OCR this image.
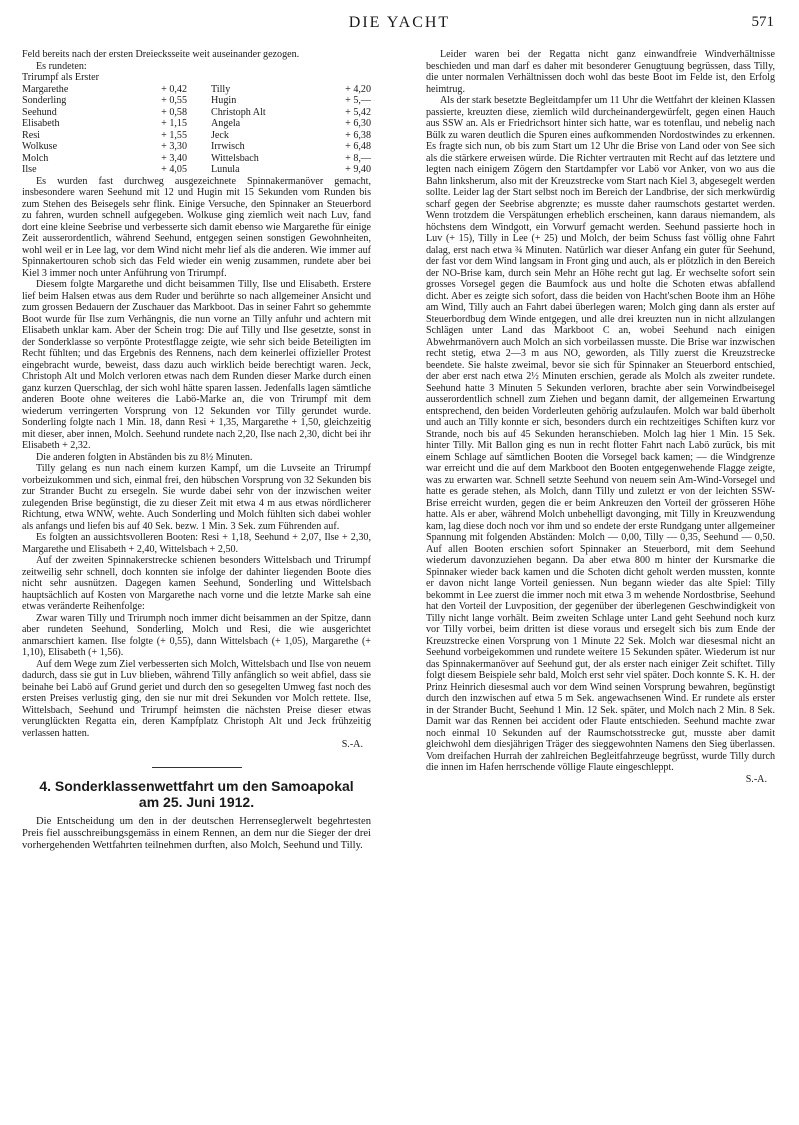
DIE YACHT	571

Feld bereits nach der ersten Dreiecksseite weit auseinander gezogen.

Es rundeten:

Trirumpf als Erster

Margarethe	+ 0,42	Tilly	+ 4,20
Sonderling	+ 0,55	Hugin	+ 5,—
Seehund	+ 0,58	Christoph Alt	+ 5,42
Elisabeth	+ 1,15	Angela	+ 6,30
Resi	+ 1,55	Jeck	+ 6,38
Wolkuse	+ 3,30	Irrwisch	+ 6,48
Molch	+ 3,40	Wittelsbach	+ 8,—
Ilse	+ 4,05	Lunula	+ 9,40

Es wurden fast durchweg ausgezeichnete Spinnakermanöver gemacht, insbesondere waren Seehund mit 12 und Hugin mit 15 Sekunden vom Runden bis zum Stehen des Beisegels sehr flink. Einige Versuche, den Spinnaker an Steuerbord zu fahren, wurden schnell aufgegeben. Wolkuse ging ziemlich weit nach Luv, fand dort eine kleine Seebrise und verbesserte sich damit ebenso wie Margarethe für einige Zeit ausserordentlich, während Seehund, entgegen seinen sonstigen Gewohnheiten, wohl weil er in Lee lag, vor dem Wind nicht mehr lief als die anderen. Wie immer auf Spinnakertouren schob sich das Feld wieder ein wenig zusammen, rundete aber bei Kiel 3 immer noch unter Anführung von Trirumpf.

Diesem folgte Margarethe und dicht beisammen Tilly, Ilse und Elisabeth. Erstere lief beim Halsen etwas aus dem Ruder und berührte so nach allgemeiner Ansicht und zum grossen Bedauern der Zuschauer das Markboot. Das in seiner Fahrt so gehemmte Boot wurde für Ilse zum Verhängnis, die nun vorne an Tilly anfuhr und achtern mit Elisabeth unklar kam. Aber der Schein trog: Die auf Tilly und Ilse gesetzte, sonst in der Sonderklasse so verpönte Protestflagge zeigte, wie sehr sich beide Beteiligten im Recht fühlten; und das Ergebnis des Rennens, nach dem keinerlei offizieller Protest eingebracht wurde, beweist, dass dazu auch wirklich beide berechtigt waren. Jeck, Christoph Alt und Molch verloren etwas nach dem Runden dieser Marke durch einen ganz kurzen Querschlag, der sich wohl hätte sparen lassen. Jedenfalls lagen sämtliche anderen Boote ohne weiteres die Labö-Marke an, die von Trirumpf mit dem wiederum verringerten Vorsprung von 12 Sekunden vor Tilly gerundet wurde. Sonderling folgte nach 1 Min. 18, dann Resi + 1,35, Margarethe + 1,50, gleichzeitig mit dieser, aber innen, Molch. Seehund rundete nach 2,20, Ilse nach 2,30, dicht bei ihr Elisabeth + 2,32.

Die anderen folgten in Abständen bis zu 8½ Minuten.

Tilly gelang es nun nach einem kurzen Kampf, um die Luvseite an Trirumpf vorbeizukommen und sich, einmal frei, den hübschen Vorsprung von 32 Sekunden bis zur Strander Bucht zu ersegeln. Sie wurde dabei sehr von der inzwischen weiter zulegenden Brise begünstigt, die zu dieser Zeit mit etwa 4 m aus etwas nördlicherer Richtung, etwa WNW, wehte. Auch Sonderling und Molch fühlten sich dabei wohler als anfangs und liefen bis auf 40 Sek. bezw. 1 Min. 3 Sek. zum Führenden auf.

Es folgten an aussichtsvolleren Booten: Resi + 1,18, Seehund + 2,07, Ilse + 2,30, Margarethe und Elisabeth + 2,40, Wittelsbach + 2,50.

Auf der zweiten Spinnakerstrecke schienen besonders Wittelsbach und Trirumpf zeitweilig sehr schnell, doch konnten sie infolge der dahinter liegenden Boote dies nicht sehr ausnützen. Dagegen kamen Seehund, Sonderling und Wittelsbach hauptsächlich auf Kosten von Margarethe nach vorne und die letzte Marke sah eine etwas veränderte Reihenfolge:

Zwar waren Tilly und Trirumph noch immer dicht beisammen an der Spitze, dann aber rundeten Seehund, Sonderling, Molch und Resi, die wie ausgerichtet anmarschiert kamen. Ilse folgte (+ 0,55), dann Wittelsbach (+ 1,05), Margarethe (+ 1,10), Elisabeth (+ 1,56).

Auf dem Wege zum Ziel verbesserten sich Molch, Wittelsbach und Ilse von neuem dadurch, dass sie gut in Luv blieben, während Tilly anfänglich so weit abfiel, dass sie beinahe bei Labö auf Grund geriet und durch den so gesegelten Umweg fast noch des ersten Preises verlustig ging, den sie nur mit drei Sekunden vor Molch rettete. Ilse, Wittelsbach, Seehund und Trirumpf heimsten die nächsten Preise dieser etwas verunglückten Regatta ein, deren Kampfplatz Christoph Alt und Jeck frühzeitig verlassen hatten.

S.-A.
4. Sonderklassenwettfahrt um den Samoapokal
am 25. Juni 1912.

Die Entscheidung um den in der deutschen Herrenseglerwelt begehrtesten Preis fiel ausschreibungsgemäss in einem Rennen, an dem nur die Sieger der drei vorhergehenden Wettfahrten teilnehmen durften, also Molch, Seehund und Tilly.

Leider waren bei der Regatta nicht ganz einwandfreie Windverhältnisse beschieden und man darf es daher mit besonderer Genugtuung begrüssen, dass Tilly, die unter normalen Verhältnissen doch wohl das beste Boot im Felde ist, den Erfolg heimtrug.

Als der stark besetzte Begleitdampfer um 11 Uhr die Wettfahrt der kleinen Klassen passierte, kreuzten diese, ziemlich wild durcheinandergewürfelt, gegen einen Hauch aus SSW an. Als er Friedrichsort hinter sich hatte, war es totenflau, und nebelig nach Bülk zu waren deutlich die Spuren eines aufkommenden Nordostwindes zu erkennen. Es fragte sich nun, ob bis zum Start um 12 Uhr die Brise von Land oder von See sich als die stärkere erweisen würde. Die Richter vertrauten mit Recht auf das letztere und legten nach einigem Zögern den Startdampfer vor Labö vor Anker, von wo aus die Bahn linksherum, also mit der Kreuzstrecke vom Start nach Kiel 3, abgesegelt werden sollte. Leider lag der Start selbst noch im Bereich der Landbrise, der sich merkwürdig scharf gegen der Seebrise abgrenzte; es musste daher raumschots gestartet werden. Wenn trotzdem die Verspätungen erheblich erscheinen, kann daraus niemandem, als höchstens dem Windgott, ein Vorwurf gemacht werden. Seehund passierte hoch in Luv (+ 15), Tilly in Lee (+ 25) und Molch, der beim Schuss fast völlig ohne Fahrt dalag, erst nach etwa ¾ Minuten. Natürlich war dieser Anfang ein guter für Seehund, der fast vor dem Wind langsam in Front ging und auch, als er plötzlich in den Bereich der NO-Brise kam, durch sein Mehr an Höhe recht gut lag. Er wechselte sofort sein grosses Vorsegel gegen die Baumfock aus und holte die Schoten etwas abfallend dicht. Aber es zeigte sich sofort, dass die beiden von Hacht'schen Boote ihm an Höhe am Wind, Tilly auch an Fahrt dabei überlegen waren; Molch ging dann als erster auf Steuerbordbug dem Winde entgegen, und alle drei kreuzten nun in nicht allzulangen Schlägen unter Land das Markboot C an, wobei Seehund nach einigen Abwehrmanövern auch Molch an sich vorbeilassen musste. Die Brise war inzwischen recht stetig, etwa 2—3 m aus NO, geworden, als Tilly zuerst die Kreuzstrecke beendete. Sie halste zweimal, bevor sie sich für Spinnaker an Steuerbord entschied, der aber erst nach etwa 2½ Minuten erschien, gerade als Molch als zweiter rundete. Seehund hatte 3 Minuten 5 Sekunden verloren, brachte aber sein Vorwindbeisegel ausserordentlich schnell zum Ziehen und begann damit, der allgemeinen Erwartung entsprechend, den beiden Vorderleuten gehörig aufzulaufen. Molch war bald überholt und auch an Tilly konnte er sich, besonders durch ein rechtzeitiges Schiften kurz vor Strande, noch bis auf 45 Sekunden heranschieben. Molch lag hier 1 Min. 15 Sek. hinter Tilly. Mit Ballon ging es nun in recht flotter Fahrt nach Labö zurück, bis mit einem Schlage auf sämtlichen Booten die Vorsegel back kamen; — die Windgrenze war erreicht und die auf dem Markboot den Booten entgegenwehende Flagge zeigte, was zu erwarten war. Schnell setzte Seehund von neuem sein Am-Wind-Vorsegel und hatte es gerade stehen, als Molch, dann Tilly und zuletzt er von der leichten SSW-Brise erreicht wurden, gegen die er beim Ankreuzen den Vorteil der grösseren Höhe hatte. Als er aber, während Molch unbehelligt davonging, mit Tilly in Kreuzwendung kam, lag diese doch noch vor ihm und so endete der erste Rundgang unter allgemeiner Spannung mit folgenden Abständen: Molch — 0,00, Tilly — 0,35, Seehund — 0,50. Auf allen Booten erschien sofort Spinnaker an Steuerbord, mit dem Seehund wiederum davonzuziehen begann. Da aber etwa 800 m hinter der Kursmarke die Spinnaker wieder back kamen und die Schoten dicht geholt werden mussten, konnte er davon nicht lange Vorteil geniessen. Nun begann wieder das alte Spiel: Tilly bekommt in Lee zuerst die immer noch mit etwa 3 m wehende Nordostbrise, Seehund hat den Vorteil der Luvposition, der gegenüber der überlegenen Geschwindigkeit von Tilly nicht lange vorhält. Beim zweiten Schlage unter Land geht Seehund noch kurz vor Tilly vorbei, beim dritten ist diese voraus und ersegelt sich bis zum Ende der Kreuzstrecke einen Vorsprung von 1 Minute 22 Sek. Molch war diesesmal nicht an Seehund vorbeigekommen und rundete weitere 15 Sekunden später. Wiederum ist nur das Spinnakermanöver auf Seehund gut, der als erster nach einiger Zeit schiftet. Tilly folgt diesem Beispiele sehr bald, Molch erst sehr viel später. Doch konnte S. K. H. der Prinz Heinrich diesesmal auch vor dem Wind seinen Vorsprung bewahren, begünstigt durch den inzwischen auf etwa 5 m Sek. angewachsenen Wind. Er rundete als erster in der Strander Bucht, Seehund 1 Min. 12 Sek. später, und Molch nach 2 Min. 8 Sek. Damit war das Rennen bei accident oder Flaute entschieden. Seehund machte zwar noch einmal 10 Sekunden auf der Raumschotsstrecke gut, musste aber damit gleichwohl dem diesjährigen Träger des sieggewohnten Namens den Sieg überlassen. Vom dreifachen Hurrah der zahlreichen Begleitfahrzeuge begrüsst, wurde Tilly durch die innen im Hafen herrschende völlige Flaute eingeschleppt.

S.-A.
